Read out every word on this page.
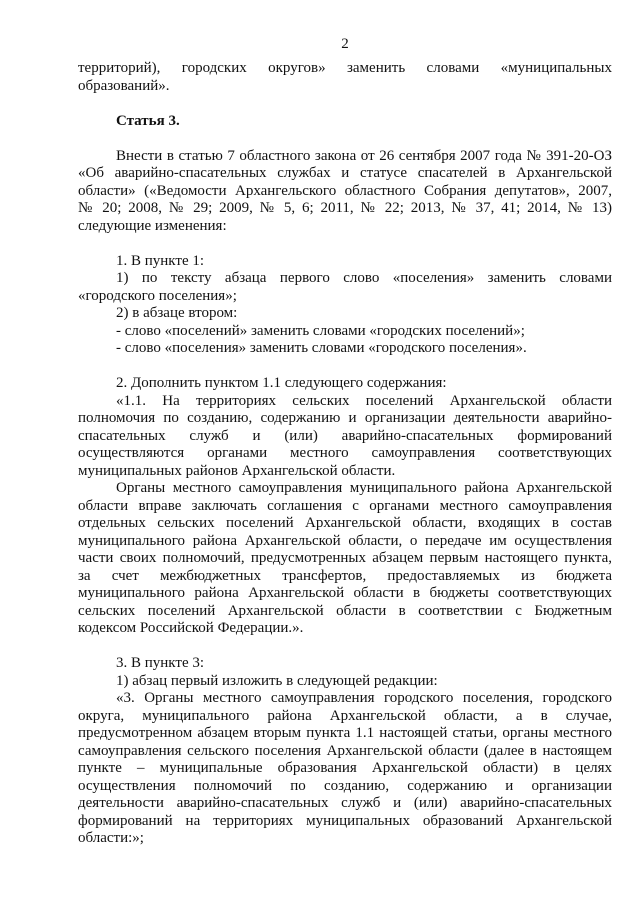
2
территорий), городских округов» заменить словами «муниципальных
образований».
Статья 3.
Внести в статью 7 областного закона от 26 сентября 2007 года № 391-20-ОЗ
«Об аварийно-спасательных службах и статусе спасателей в Архангельской
области» («Ведомости Архангельского областного Собрания депутатов», 2007,
№ 20; 2008, № 29; 2009, № 5, 6; 2011, № 22; 2013, № 37, 41; 2014, № 13)
следующие изменения:
1. В пункте 1:
1) по тексту абзаца первого слово «поселения» заменить словами
«городского поселения»;
2) в абзаце втором:
- слово «поселений» заменить словами «городских поселений»;
- слово «поселения» заменить словами «городского поселения».
2. Дополнить пунктом 1.1 следующего содержания:
«1.1. На территориях сельских поселений Архангельской области
полномочия по созданию, содержанию и организации деятельности аварийно-
спасательных служб и (или) аварийно-спасательных формирований
осуществляются органами местного самоуправления соответствующих
муниципальных районов Архангельской области.
Органы местного самоуправления муниципального района Архангельской
области вправе заключать соглашения с органами местного самоуправления
отдельных сельских поселений Архангельской области, входящих в состав
муниципального района Архангельской области, о передаче им осуществления
части своих полномочий, предусмотренных абзацем первым настоящего пункта,
за счет межбюджетных трансфертов, предоставляемых из бюджета
муниципального района Архангельской области в бюджеты соответствующих
сельских поселений Архангельской области в соответствии с Бюджетным
кодексом Российской Федерации.».
3. В пункте 3:
1) абзац первый изложить в следующей редакции:
«3. Органы местного самоуправления городского поселения, городского
округа, муниципального района Архангельской области, а в случае,
предусмотренном абзацем вторым пункта 1.1 настоящей статьи, органы местного
самоуправления сельского поселения Архангельской области (далее в настоящем
пункте – муниципальные образования Архангельской области) в целях
осуществления полномочий по созданию, содержанию и организации
деятельности аварийно-спасательных служб и (или) аварийно-спасательных
формирований на территориях муниципальных образований Архангельской
области:»;
